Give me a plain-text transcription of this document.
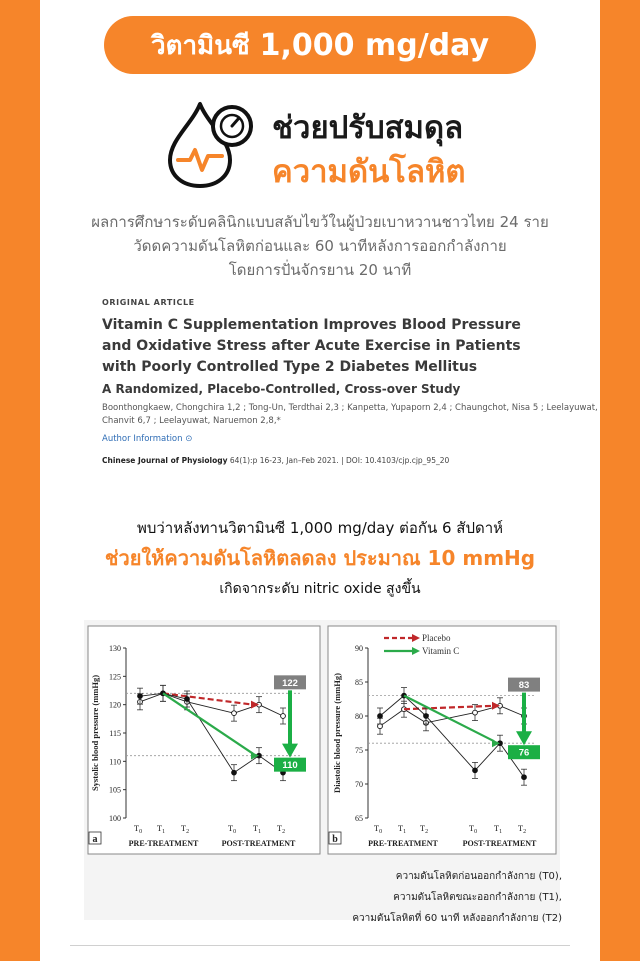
วิตามินซี 1,000 mg/day
ช่วยปรับสมดุล
ความดันโลหิต
ผลการศึกษาระดับคลินิกแบบสลับไขว้ในผู้ป่วยเบาหวานชาวไทย 24 ราย
วัดดความดันโลหิตก่อนและ 60 นาทีหลังการออกกำลังกาย
โดยการปั่นจักรยาน 20 นาที
ORIGINAL ARTICLE
Vitamin C Supplementation Improves Blood Pressure
and Oxidative Stress after Acute Exercise in Patients
with Poorly Controlled Type 2 Diabetes Mellitus
A Randomized, Placebo-Controlled, Cross-over Study
Boonthongkaew, Chongchira 1,2 ; Tong-Un, Terdthai 2,3 ; Kanpetta, Yupaporn 2,4 ; Chaungchot, Nisa 5 ; Leelayuwat,
Chanvit 6,7 ; Leelayuwat, Naruemon 2,8,*
Author Information ⊙
Chinese Journal of Physiology 64(1):p 16-23, Jan–Feb 2021. | DOI: 10.4103/cjp.cjp_95_20
พบว่าหลังทานวิตามินซี 1,000 mg/day ต่อกัน 6 สัปดาห์
ช่วยให้ความดันโลหิตลดลง ประมาณ 10 mmHg
เกิดจากระดับ nitric oxide สูงขึ้น
Placebo
Vitamin C
100
105
110
115
120
125
130
Systolic blood pressure (mmHg)
$T_0$ $T_1$ $T_2$	$T_0$ $T_1$ $T_2$
PRE-TREATMENT	POST-TREATMENT
a
122
110
65
70
75
80
85
90
Diastolic blood pressure (mmHg)
$T_0$ $T_1$ $T_2$	$T_0$ $T_1$ $T_2$
PRE-TREATMENT	POST-TREATMENT
b
83
76
ความดันโลหิตก่อนออกกำลังกาย (T0),
ความดันโลหิตขณะออกกำลังกาย (T1),
ความดันโลหิตที่ 60 นาที หลังออกกำลังกาย (T2)
